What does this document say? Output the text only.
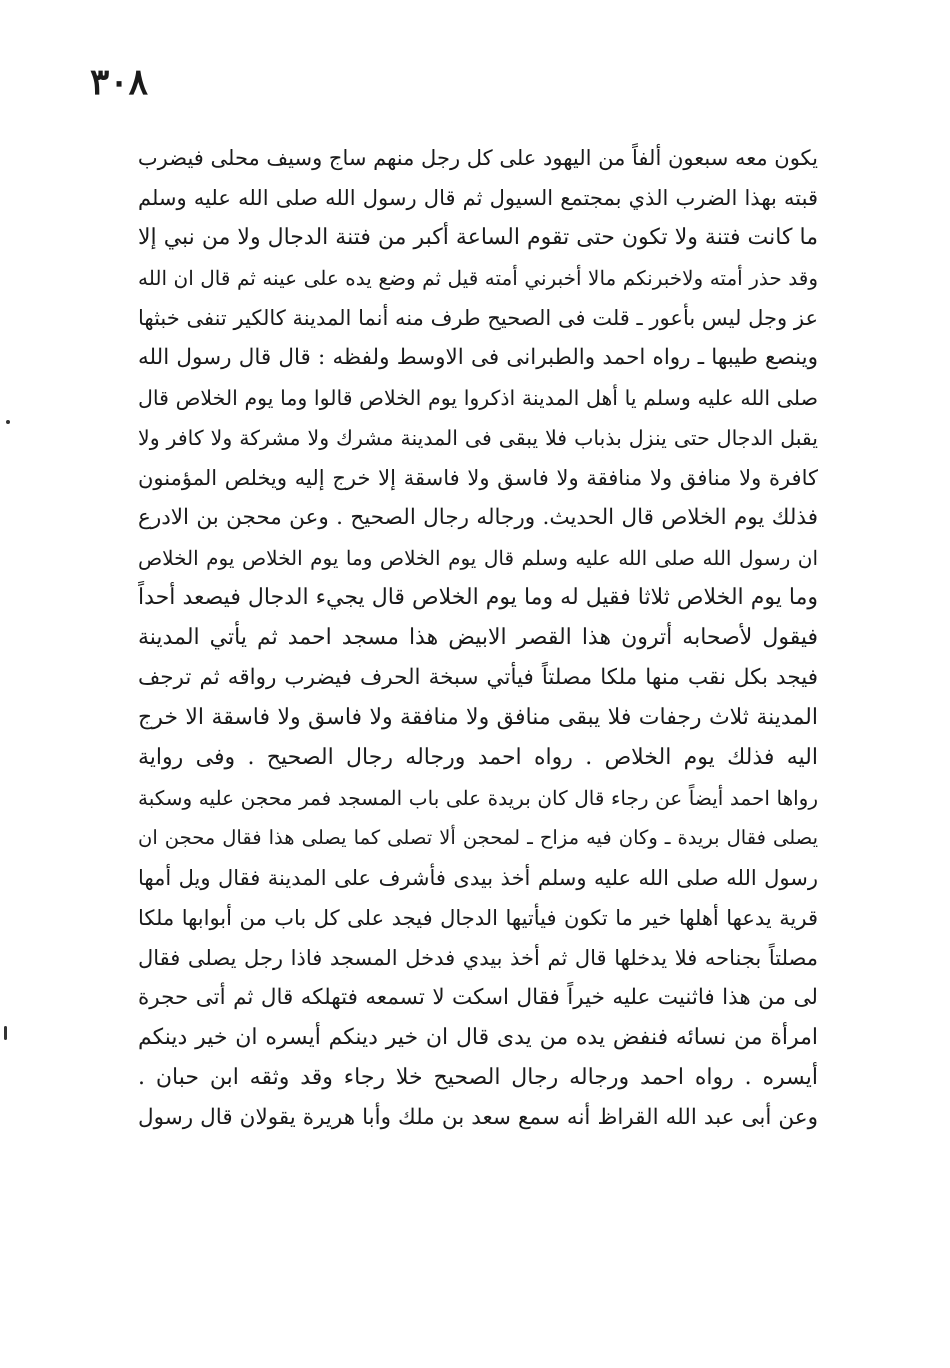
٣٠٨
يكون معه سبعون ألفاً من اليهود على كل رجل منهم ساج وسيف محلى فيضرب
قبته بهذا الضرب الذي بمجتمع السيول ثم قال رسول الله صلى الله عليه وسلم
ما كانت فتنة ولا تكون حتى تقوم الساعة أكبر من فتنة الدجال ولا من نبي إلا
وقد حذر أمته ولاخبرنكم مالا أخبرني أمته قيل ثم وضع يده على عينه ثم قال ان الله
عز وجل ليس بأعور ـ قلت فى الصحيح طرف منه أنما المدينة كالكير تنفى خبثها
وينصع طيبها ـ رواه احمد والطبرانى فى الاوسط ولفظه : قال قال رسول الله
صلى الله عليه وسلم يا أهل المدينة اذكروا يوم الخلاص قالوا وما يوم الخلاص قال
يقبل الدجال حتى ينزل بذباب فلا يبقى فى المدينة مشرك ولا مشركة ولا كافر ولا
كافرة ولا منافق ولا منافقة ولا فاسق ولا فاسقة إلا خرج إليه ويخلص المؤمنون
فذلك يوم الخلاص قال الحديث. ورجاله رجال الصحيح . وعن محجن بن الادرع
ان رسول الله صلى الله عليه وسلم قال يوم الخلاص وما يوم الخلاص يوم الخلاص
وما يوم الخلاص ثلاثا فقيل له وما يوم الخلاص قال يجيء الدجال فيصعد أحداً
فيقول لأصحابه أترون هذا القصر الابيض هذا مسجد احمد ثم يأتي المدينة
فيجد بكل نقب منها ملكا مصلتاً فيأتي سبخة الحرف فيضرب رواقه ثم ترجف
المدينة ثلاث رجفات فلا يبقى منافق ولا منافقة ولا فاسق ولا فاسقة الا خرج
اليه فذلك يوم الخلاص . رواه احمد ورجاله رجال الصحيح . وفى رواية
رواها احمد أيضاً عن رجاء قال كان بريدة على باب المسجد فمر محجن عليه وسكبة
يصلى فقال بريدة ـ وكان فيه مزاح ـ لمحجن ألا تصلى كما يصلى هذا فقال محجن ان
رسول الله صلى الله عليه وسلم أخذ بيدى فأشرف على المدينة فقال ويل أمها
قرية يدعها أهلها خير ما تكون فيأتيها الدجال فيجد على كل باب من أبوابها ملكا
مصلتاً بجناحه فلا يدخلها قال ثم أخذ بيدي فدخل المسجد فاذا رجل يصلى فقال
لى من هذا فاثنيت عليه خيراً فقال اسكت لا تسمعه فتهلكه قال ثم أتى حجرة
امرأة من نسائه فنفض يده من يدى قال ان خير دينكم أيسره ان خير دينكم
أيسره . رواه احمد ورجاله رجال الصحيح خلا رجاء وقد وثقه ابن حبان .
وعن أبى عبد الله القراظ أنه سمع سعد بن ملك وأبا هريرة يقولان قال رسول
